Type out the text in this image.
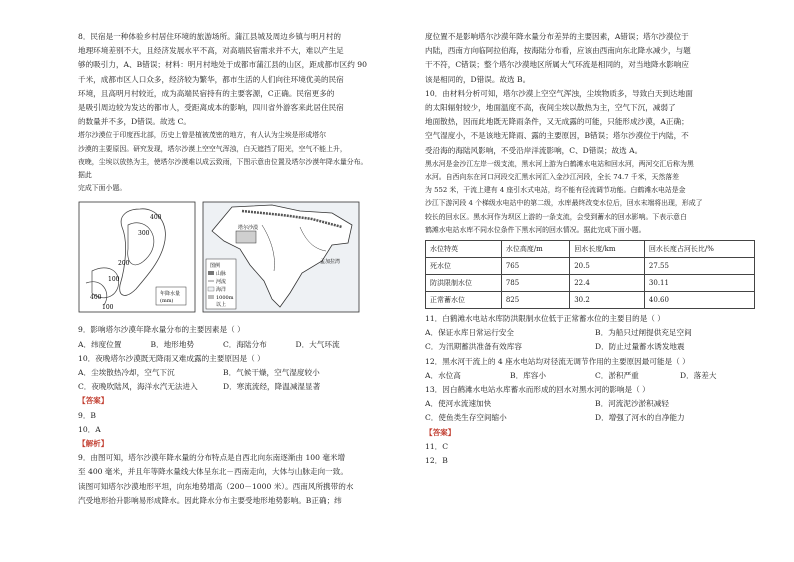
8．民宿是一种体验乡村居住环境的旅游场所。蒲江县城及周边乡镇与明月村的

地理环境差别不大，且经济发展水平不高，对高端民宿需求并不大，难以产生足

够的吸引力，A、B错误；材料：明月村地处于成都市蒲江县的山区，距成都市区约 90

千米，成都市区人口众多，经济较为繁华，都市生活的人们向往环境优美的民宿

环境，且高明月村较近，成为高端民宿持有的主要客源，C正确。民宿更多的

是吸引周边较为发达的都市人，受距离成本的影响，四川省外游客来此居住民宿

的数量并不多，D错误。故选 C。

塔尔沙漠位于印度西北部，历史上曾是植被茂密的地方，有人认为尘埃是形成塔尔

沙漠的主要原因。研究发现，塔尔沙漠上空空气浑浊，白天遮挡了阳光，空气不能上升，

夜晚，尘埃以放热为主，使塔尔沙漠难以成云致雨，下图示意由位置及塔尔沙漠年降水量分布。据此

完成下面小题。

400
300
200
100
400
100
年降水量
(mm)
塔尔沙漠
孟加拉湾
图例
山脉
河流
海洋
1000m
以上

9．影响塔尔沙漠年降水量分布的主要因素是（ ）

A．纬度位置	B．地形地势	C．海陆分布	D．大气环流

10．夜晚塔尔沙漠既无降雨又难成露的主要原因是（ ）

A．尘埃散热冷却，空气下沉	B．气候干燥，空气湿度较小
C．夜晚吹陆风，海洋水汽无法进入	D．寒流流经，降温减湿显著

【答案】

9．B

10．A

【解析】

9．由图可知，塔尔沙漠年降水量的分布特点是自西北向东南逐渐由 100 毫米增

至 400 毫米，并且年等降水量线大体呈东北－西南走向，大体与山脉走向一致。

读图可知塔尔沙漠地形平坦，向东地势增高（200－1000 米）。西南风所携带的水

汽受地形抬升影响易形成降水。因此降水分布主要受地形地势影响。B正确；纬

度位置不是影响塔尔沙漠年降水量分布差异的主要因素，A错误；塔尔沙漠位于

内陆，西南方向临阿拉伯海，按海陆分布看，应该由西南向东北降水减少，与题

干不符，C错误；整个塔尔沙漠地区所属大气环流是相同的，对当地降水影响应

该是相同的，D错误。故选 B。

10．由材料分析可知，塔尔沙漠上空空气浑浊，尘埃物质多，导致白天到达地面

的太阳辐射较少，地面温度不高，夜间尘埃以散热为主，空气下沉，减弱了

地面散热，因而此地既无降雨条件，又无成露的可能，只能形成沙漠，A正确；

空气湿度小，不是该地无降雨、露的主要原因，B错误；塔尔沙漠位于内陆，不

受沿海的海陆风影响，不受沿岸洋流影响，C、D错误；故选 A。

黑水河是金沙江左岸一级支流，黑水河上游为白鹤滩水电站和回水河，两河交汇后称为黑

水河。自西向东在河口河段交汇黑水河汇入金沙江河段，全长 74.7 千米，天然落差

为 552 米，干流上建有 4 座引水式电站，均不能有径流调节功能。白鹤滩水电站是金

沙江下游河段 4 个梯级水电站中的第二级，水库最终改变水位后，回水末端将出现，形成了

较长的回水区。黑水河作为坝区上游的一条支流，会受到蓄水的回水影响。下表示意白

鹤滩水电站水库不同水位条件下黑水河的回水情况。据此完成下面小题。

水位特英	水位高度/m	回水长度/km	回水长度占河长比/%
死水位	765	20.5	27.55
防洪限制水位	785	22.4	30.11
正常蓄水位	825	30.2	40.60

11．白鹤滩水电站水库防洪限制水位低于正常蓄水位的主要目的是（ ）

A．保证水库日常运行安全	B．为船只过闸提供充足空间
C．为汛期蓄洪准备有效库容	D．防止过量蓄水诱发地震

12．黑水河干流上的 4 座水电站均对径流无调节作用的主要原因最可能是（ ）

A．水位高	B．库容小	C．淤积严重	D．落差大

13．因白鹤滩水电站水库蓄水而形成的回水对黑水河的影响是（ ）

A．使河水流速加快	B．河流泥沙淤积减轻
C．使鱼类生存空间缩小	D．增强了河水的自净能力

【答案】

11．C

12．B
